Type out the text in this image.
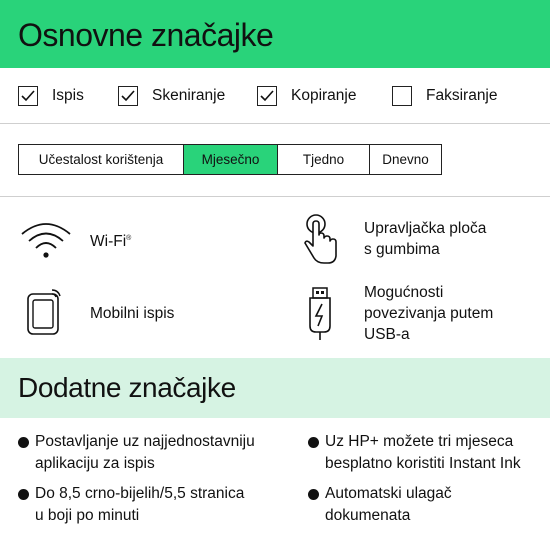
Osnovne značajke
Ispis	Skeniranje	Kopiranje	Faksiranje
Učestalost korištenja	Mjesečno	Tjedno	Dnevno
Wi-Fi®
Upravljačka ploča
s gumbima
Mobilni ispis
Mogućnosti
povezivanja putem
USB-a
Dodatne značajke
Postavljanje uz najjednostavniju
aplikaciju za ispis
Uz HP+ možete tri mjeseca
besplatno koristiti Instant Ink
Do 8,5 crno-bijelih/5,5 stranica
u boji po minuti
Automatski ulagač
dokumenata
